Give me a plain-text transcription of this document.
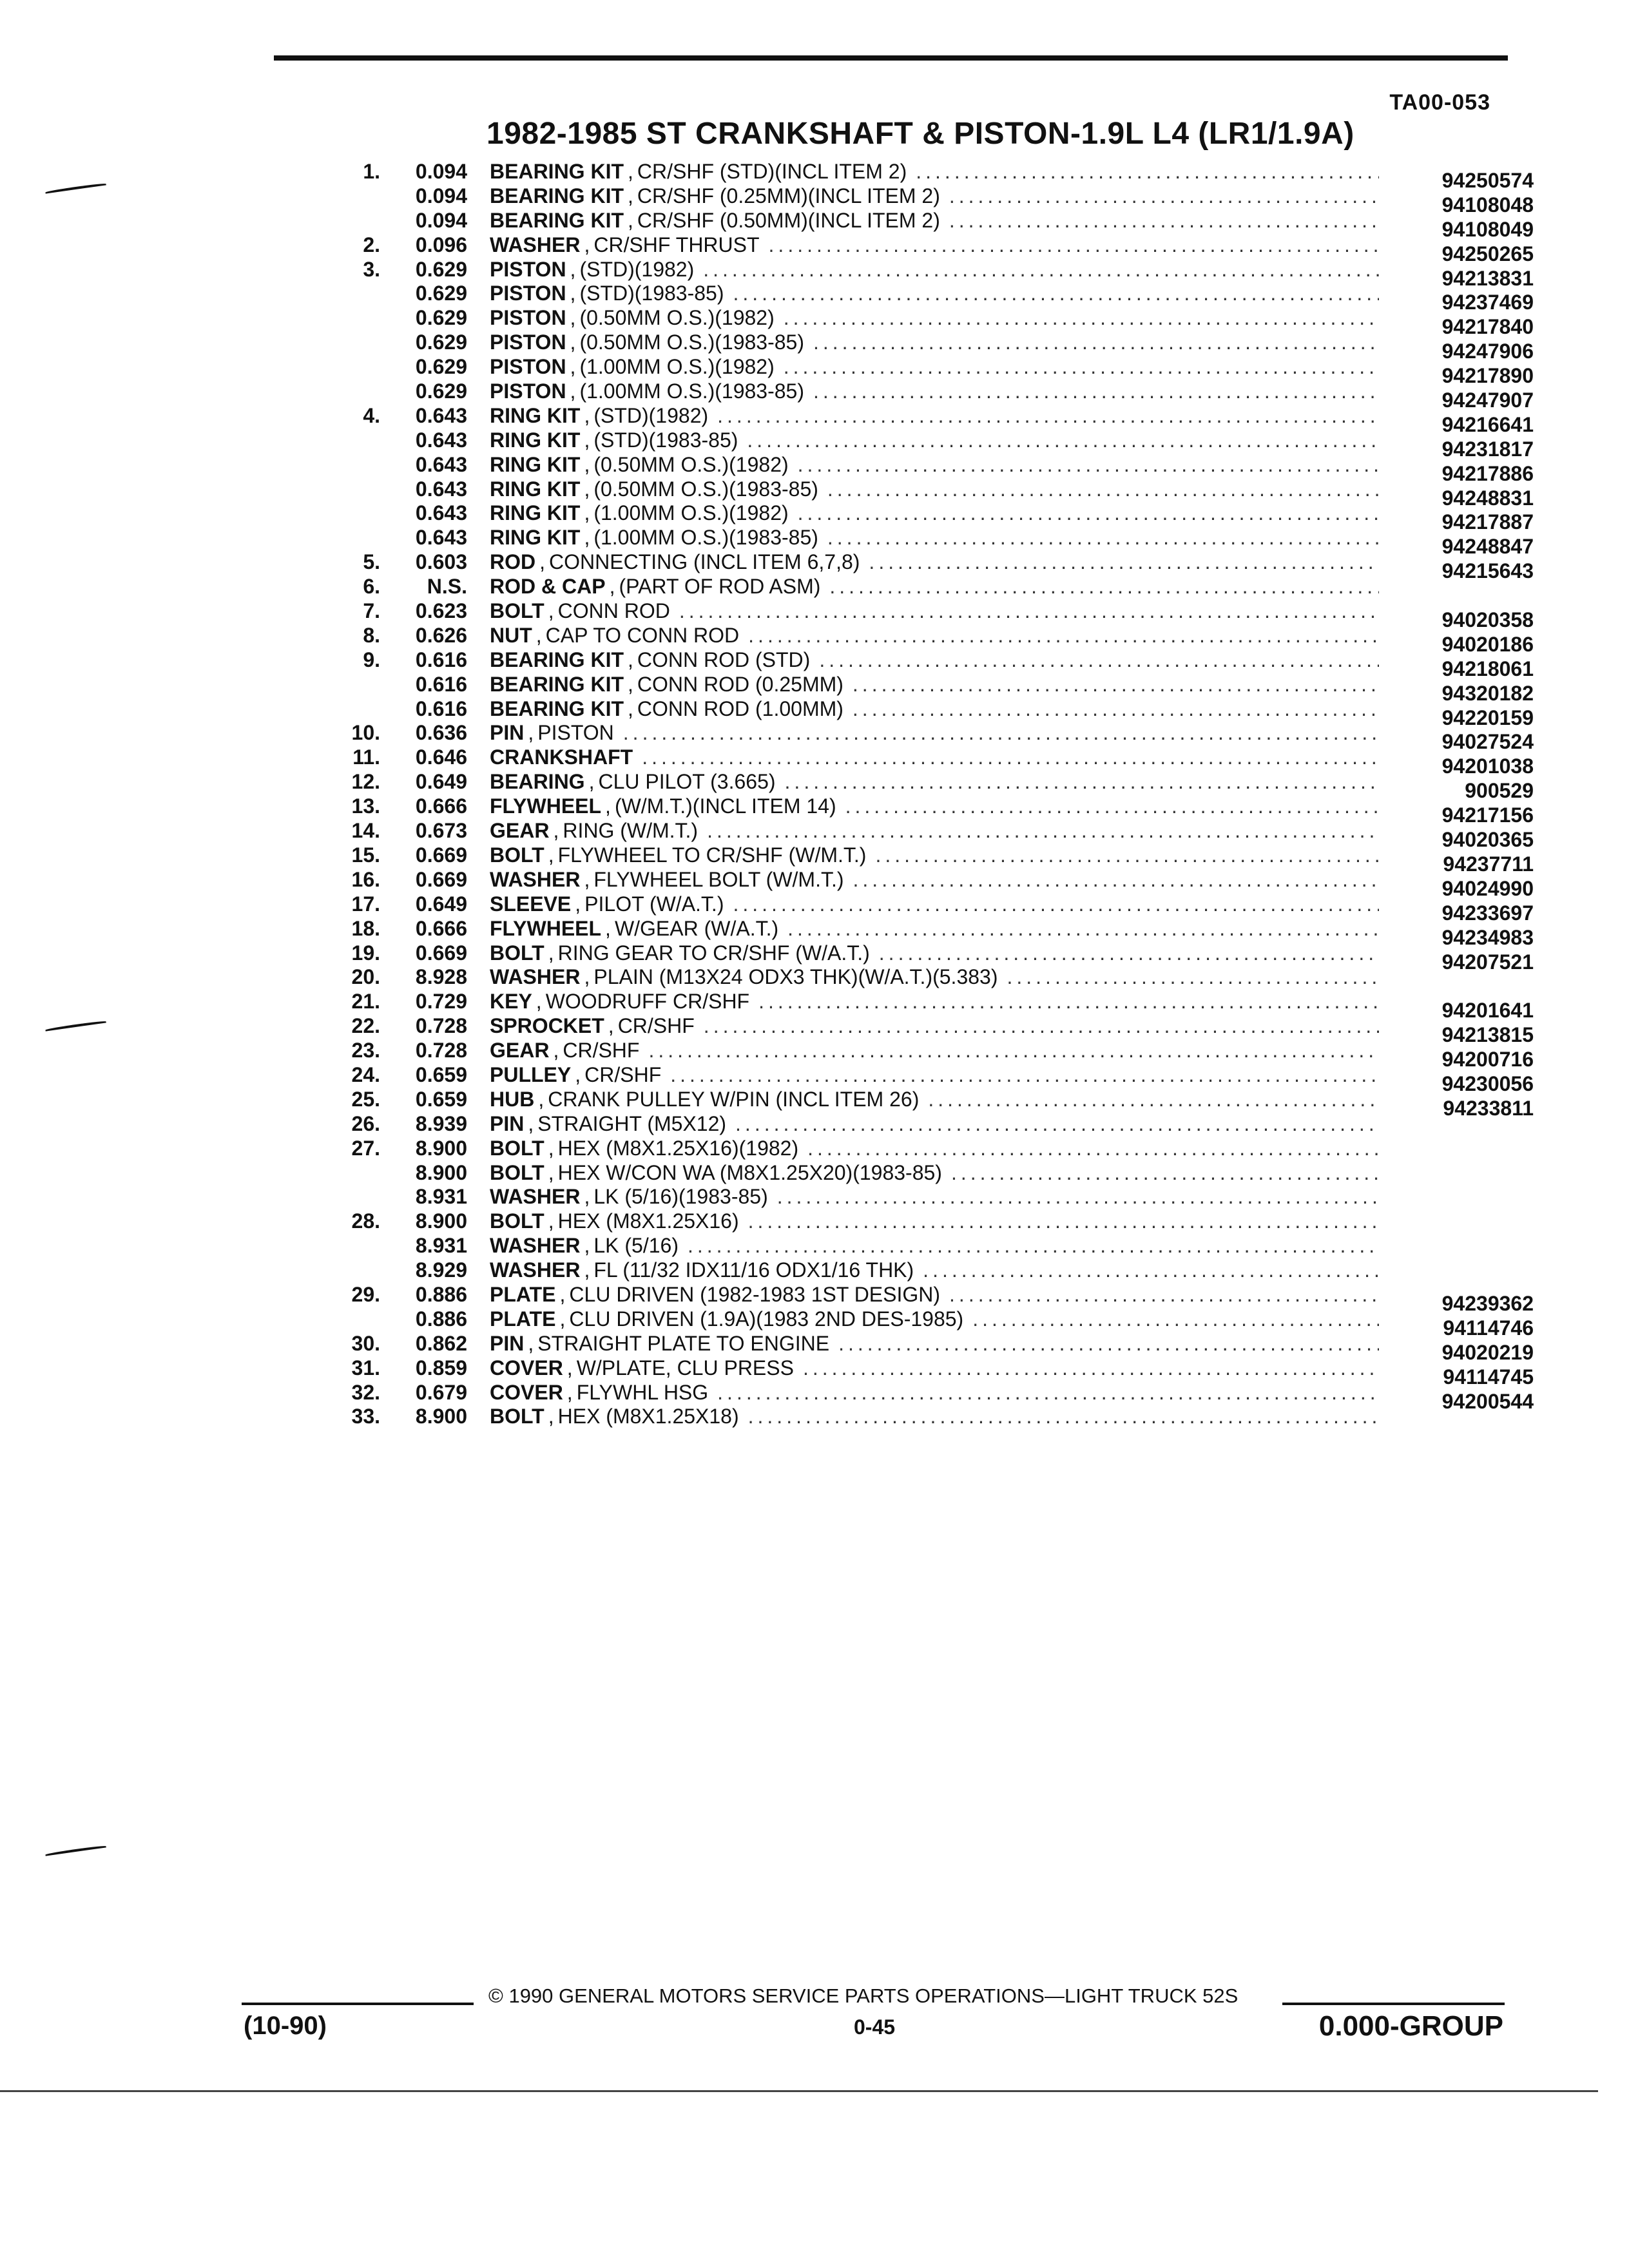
TA00-053
1982-1985 ST CRANKSHAFT & PISTON-1.9L L4 (LR1/1.9A)
1.	0.094 BEARING KIT , CR/SHF (STD)(INCL ITEM 2) .....	94250574
0.094 BEARING KIT , CR/SHF (0.25MM)(INCL ITEM 2) .....	94108048
0.094 BEARING KIT , CR/SHF (0.50MM)(INCL ITEM 2) .....	94108049
2.	0.096 WASHER , CR/SHF THRUST .....	94250265
3.	0.629 PISTON , (STD)(1982) .....	94213831
0.629 PISTON , (STD)(1983-85) .....	94237469
0.629 PISTON , (0.50MM O.S.)(1982) .....	94217840
0.629 PISTON , (0.50MM O.S.)(1983-85) .....	94247906
0.629 PISTON , (1.00MM O.S.)(1982) .....	94217890
0.629 PISTON , (1.00MM O.S.)(1983-85) .....	94247907
4.	0.643 RING KIT , (STD)(1982) .....	94216641
0.643 RING KIT , (STD)(1983-85) .....	94231817
0.643 RING KIT , (0.50MM O.S.)(1982) .....	94217886
0.643 RING KIT , (0.50MM O.S.)(1983-85) .....	94248831
0.643 RING KIT , (1.00MM O.S.)(1982) .....	94217887
0.643 RING KIT , (1.00MM O.S.)(1983-85) .....	94248847
5.	0.603 ROD , CONNECTING (INCL ITEM 6,7,8) .....	94215643
6.	N.S. ROD & CAP , (PART OF ROD ASM)
.....
7.	0.623 BOLT , CONN ROD .....	94020358
8.	0.626 NUT , CAP TO CONN ROD .....	94020186
9.	0.616 BEARING KIT , CONN ROD (STD) .....	94218061
0.616 BEARING KIT , CONN ROD (0.25MM) .....	94320182
0.616 BEARING KIT , CONN ROD (1.00MM) .....	94220159
10.	0.636 PIN , PISTON .....	94027524
11.	0.646 CRANKSHAFT .....	94201038
12.	0.649 BEARING , CLU PILOT (3.665) .....	900529
13.	0.666 FLYWHEEL , (W/M.T.)(INCL ITEM 14) .....	94217156
14.	0.673 GEAR , RING (W/M.T.) .....	94020365
15.	0.669 BOLT , FLYWHEEL TO CR/SHF (W/M.T.) .....	94237711
16.	0.669 WASHER , FLYWHEEL BOLT (W/M.T.) .....	94024990
17.	0.649 SLEEVE , PILOT (W/A.T.) .....	94233697
18.	0.666 FLYWHEEL , W/GEAR (W/A.T.) .....	94234983
19.	0.669 BOLT , RING GEAR TO CR/SHF (W/A.T.) .....	94207521
20.	8.928 WASHER , PLAIN (M13X24 ODX3 THK)(W/A.T.)(5.383)
.....
21.	0.729 KEY , WOODRUFF CR/SHF .....	94201641
22.	0.728 SPROCKET , CR/SHF .....	94213815
23.	0.728 GEAR , CR/SHF .....	94200716
24.	0.659 PULLEY , CR/SHF .....	94230056
25.	0.659 HUB , CRANK PULLEY W/PIN (INCL ITEM 26) .....	94233811
26.	8.939 PIN , STRAIGHT (M5X12)
.....
27.	8.900 BOLT , HEX (M8X1.25X16)(1982)
.....
8.900 BOLT , HEX W/CON WA (M8X1.25X20)(1983-85)
.....
8.931 WASHER , LK (5/16)(1983-85)
.....
28.	8.900 BOLT , HEX (M8X1.25X16)
.....
8.931 WASHER , LK (5/16)
.....
8.929 WASHER , FL (11/32 IDX11/16 ODX1/16 THK)
.....
29.	0.886 PLATE , CLU DRIVEN (1982-1983 1ST DESIGN) .....	94239362
0.886 PLATE , CLU DRIVEN (1.9A)(1983 2ND DES-1985) .....	94114746
30.	0.862 PIN , STRAIGHT PLATE TO ENGINE .....	94020219
31.	0.859 COVER , W/PLATE, CLU PRESS .....	94114745
32.	0.679 COVER , FLYWHL HSG .....	94200544
33.	8.900 BOLT , HEX (M8X1.25X18)
.....
© 1990 GENERAL MOTORS SERVICE PARTS OPERATIONS—LIGHT TRUCK 52S
(10-90)	0-45	0.000-GROUP
